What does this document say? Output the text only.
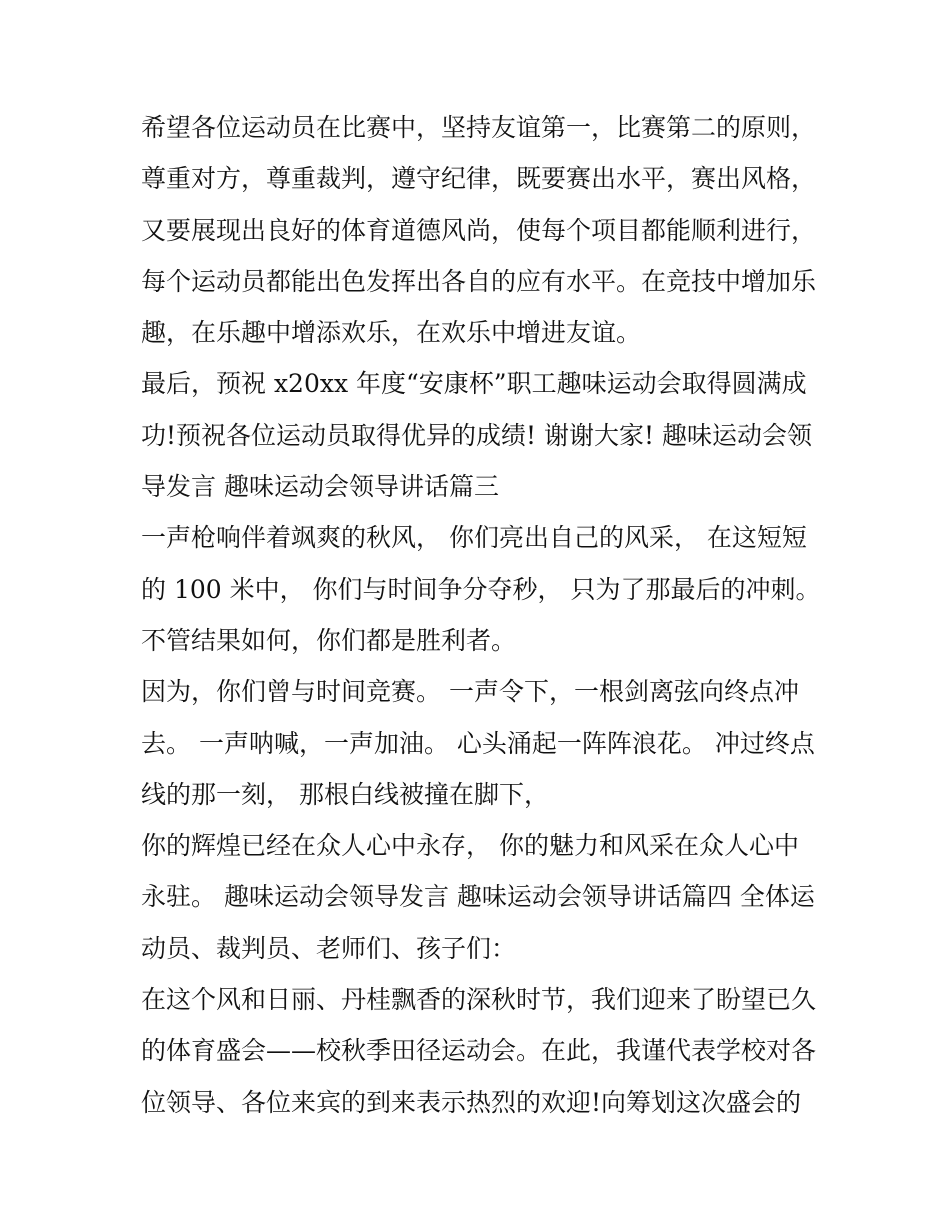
希望各位运动员在比赛中，坚持友谊第一，比赛第二的原则，
尊重对方，尊重裁判，遵守纪律，既要赛出水平，赛出风格，
又要展现出良好的体育道德风尚，使每个项目都能顺利进行，
每个运动员都能出色发挥出各自的应有水平。在竞技中增加乐
趣，在乐趣中增添欢乐，在欢乐中增进友谊。
最后，预祝 x20xx 年度“安康杯”职工趣味运动会取得圆满成
功!预祝各位运动员取得优异的成绩! 谢谢大家! 趣味运动会领
导发言 趣味运动会领导讲话篇三
一声枪响伴着飒爽的秋风， 你们亮出自己的风采， 在这短短
的 100 米中， 你们与时间争分夺秒， 只为了那最后的冲刺。
不管结果如何，你们都是胜利者。
因为，你们曾与时间竞赛。 一声令下，一根剑离弦向终点冲
去。 一声呐喊，一声加油。 心头涌起一阵阵浪花。 冲过终点
线的那一刻， 那根白线被撞在脚下，
你的辉煌已经在众人心中永存， 你的魅力和风采在众人心中
永驻。 趣味运动会领导发言 趣味运动会领导讲话篇四 全体运
动员、裁判员、老师们、孩子们：
在这个风和日丽、丹桂飘香的深秋时节，我们迎来了盼望已久
的体育盛会——校秋季田径运动会。在此，我谨代表学校对各
位领导、各位来宾的到来表示热烈的欢迎!向筹划这次盛会的
